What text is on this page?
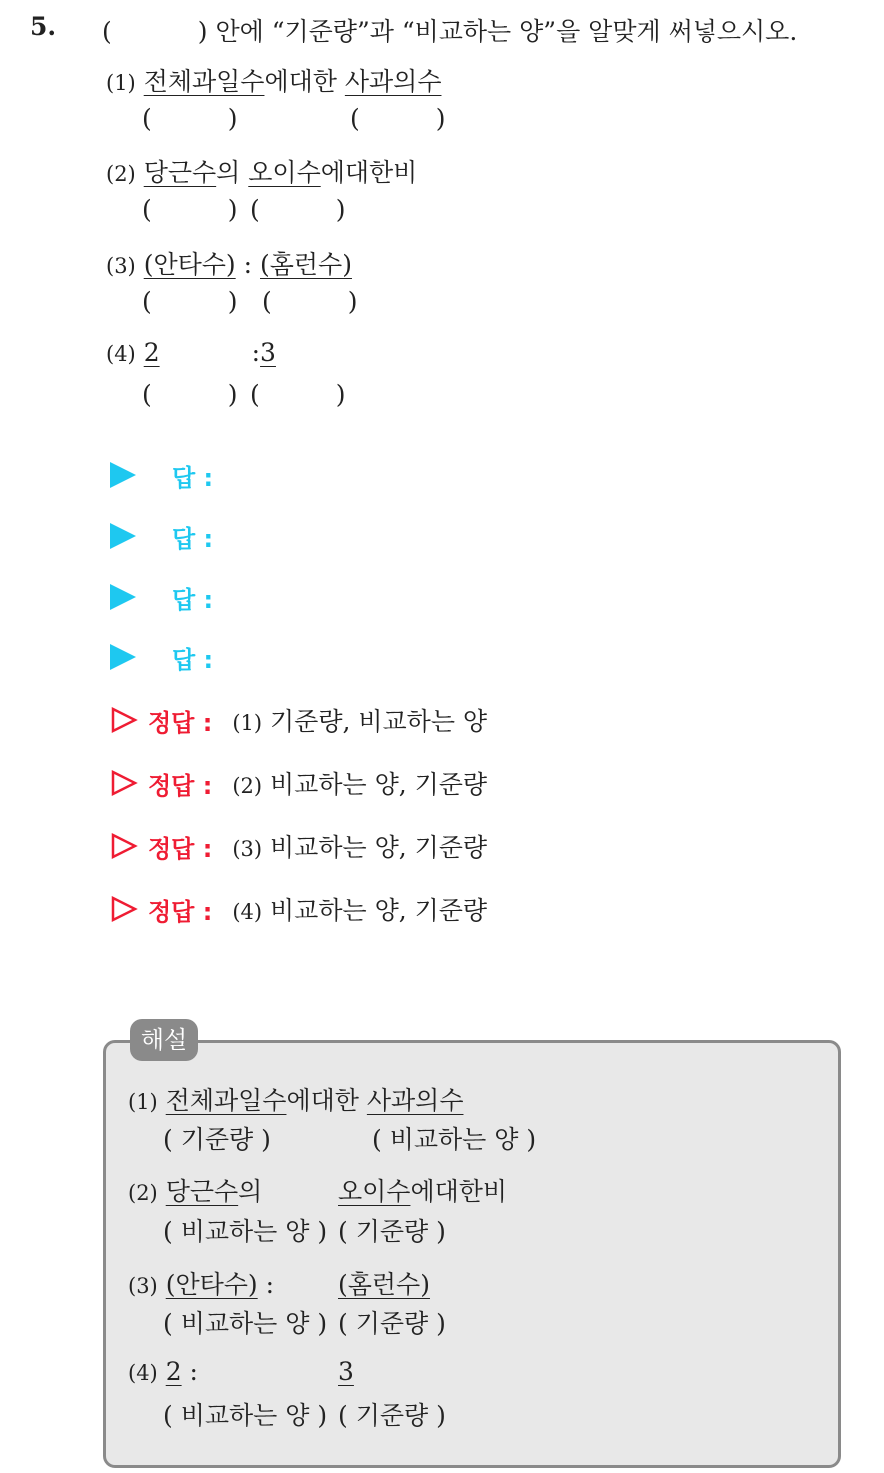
5. (	) 안에 “기준량”과 “비교하는 양”을 알맞게 써넣으시오.
(1) 전체과일수에대한 사과의수
(	)	(	)
(2) 당근수의 오이수에대한비
(	) (	)
(3) (안타수) : (홈런수)
(	) (	)
(4) 2	:3
(	) (	)
답 :
답 :
답 :
답 :
정답 : (1) 기준량, 비교하는 양
정답 : (2) 비교하는 양, 기준량
정답 : (3) 비교하는 양, 기준량
정답 : (4) 비교하는 양, 기준량
해설
(1) 전체과일수에대한 사과의수
( 기준량 )	( 비교하는 양 )
(2) 당근수의	오이수에대한비
( 비교하는 양 ) ( 기준량 )
(3) (안타수) :	(홈런수)
( 비교하는 양 ) ( 기준량 )
(4) 2 :	3
( 비교하는 양 ) ( 기준량 )
